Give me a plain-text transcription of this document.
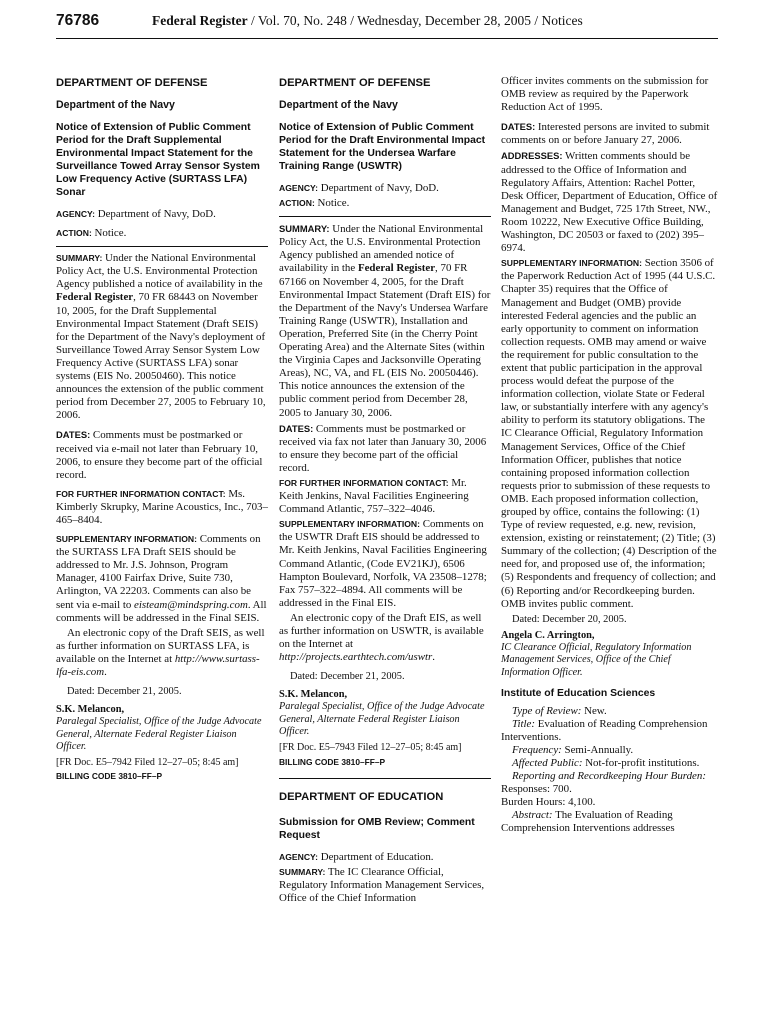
76786	Federal Register / Vol. 70, No. 248 / Wednesday, December 28, 2005 / Notices
DEPARTMENT OF DEFENSE
Department of the Navy
Notice of Extension of Public Comment Period for the Draft Supplemental Environmental Impact Statement for the Surveillance Towed Array Sensor System Low Frequency Active (SURTASS LFA) Sonar

AGENCY: Department of Navy, DoD.

ACTION: Notice.

SUMMARY: Under the National Environmental Policy Act, the U.S. Environmental Protection Agency published a notice of availability in the Federal Register, 70 FR 68443 on November 10, 2005, for the Draft Supplemental Environmental Impact Statement (Draft SEIS) for the Department of the Navy's deployment of Surveillance Towed Array Sensor System Low Frequency Active (SURTASS LFA) sonar systems (EIS No. 20050460). This notice announces the extension of the public comment period from December 27, 2005 to February 10, 2006.

DATES: Comments must be postmarked or received via e-mail not later than February 10, 2006, to ensure they become part of the official record.

FOR FURTHER INFORMATION CONTACT: Ms. Kimberly Skrupky, Marine Acoustics, Inc., 703–465–8404.

SUPPLEMENTARY INFORMATION: Comments on the SURTASS LFA Draft SEIS should be addressed to Mr. J.S. Johnson, Program Manager, 4100 Fairfax Drive, Suite 730, Arlington, VA 22203. Comments can also be sent via e-mail to eisteam@mindspring.com. All comments will be addressed in the Final SEIS.

An electronic copy of the Draft SEIS, as well as further information on SURTASS LFA, is available on the Internet at http://www.surtass-lfa-eis.com.

Dated: December 21, 2005.

S.K. Melancon,

Paralegal Specialist, Office of the Judge Advocate General, Alternate Federal Register Liaison Officer.

[FR Doc. E5–7942 Filed 12–27–05; 8:45 am]

BILLING CODE 3810–FF–P

DEPARTMENT OF DEFENSE
Department of the Navy
Notice of Extension of Public Comment Period for the Draft Environmental Impact Statement for the Undersea Warfare Training Range (USWTR)

AGENCY: Department of Navy, DoD.

ACTION: Notice.

SUMMARY: Under the National Environmental Policy Act, the U.S. Environmental Protection Agency published an amended notice of availability in the Federal Register, 70 FR 67166 on November 4, 2005, for the Draft Environmental Impact Statement (Draft EIS) for the Department of the Navy's Undersea Warfare Training Range (USWTR), Installation and Operation, Preferred Site (in the Cherry Point Operating Area) and the Alternate Sites (within the Virginia Capes and Jacksonville Operating Areas), NC, VA, and FL (EIS No. 20050446). This notice announces the extension of the public comment period from December 28, 2005 to January 30, 2006.

DATES: Comments must be postmarked or received via fax not later than January 30, 2006 to ensure they become part of the official record.

FOR FURTHER INFORMATION CONTACT: Mr. Keith Jenkins, Naval Facilities Engineering Command Atlantic, 757–322–4046.

SUPPLEMENTARY INFORMATION: Comments on the USWTR Draft EIS should be addressed to Mr. Keith Jenkins, Naval Facilities Engineering Command Atlantic, (Code EV21KJ), 6506 Hampton Boulevard, Norfolk, VA 23508–1278; Fax 757–322–4894. All comments will be addressed in the Final EIS.

An electronic copy of the Draft EIS, as well as further information on USWTR, is available on the Internet at http://projects.earthtech.com/uswtr.

Dated: December 21, 2005.

S.K. Melancon,

Paralegal Specialist, Office of the Judge Advocate General, Alternate Federal Register Liaison Officer.

[FR Doc. E5–7943 Filed 12–27–05; 8:45 am]

BILLING CODE 3810–FF–P

DEPARTMENT OF EDUCATION
Submission for OMB Review; Comment Request

AGENCY: Department of Education.

SUMMARY: The IC Clearance Official, Regulatory Information Management Services, Office of the Chief Information

Officer invites comments on the submission for OMB review as required by the Paperwork Reduction Act of 1995.

DATES: Interested persons are invited to submit comments on or before January 27, 2006.

ADDRESSES: Written comments should be addressed to the Office of Information and Regulatory Affairs, Attention: Rachel Potter, Desk Officer, Department of Education, Office of Management and Budget, 725 17th Street, NW., Room 10222, New Executive Office Building, Washington, DC 20503 or faxed to (202) 395–6974.

SUPPLEMENTARY INFORMATION: Section 3506 of the Paperwork Reduction Act of 1995 (44 U.S.C. Chapter 35) requires that the Office of Management and Budget (OMB) provide interested Federal agencies and the public an early opportunity to comment on information collection requests. OMB may amend or waive the requirement for public consultation to the extent that public participation in the approval process would defeat the purpose of the information collection, violate State or Federal law, or substantially interfere with any agency's ability to perform its statutory obligations. The IC Clearance Official, Regulatory Information Management Services, Office of the Chief Information Officer, publishes that notice containing proposed information collection requests prior to submission of these requests to OMB. Each proposed information collection, grouped by office, contains the following: (1) Type of review requested, e.g. new, revision, extension, existing or reinstatement; (2) Title; (3) Summary of the collection; (4) Description of the need for, and proposed use of, the information; (5) Respondents and frequency of collection; and (6) Reporting and/or Recordkeeping burden. OMB invites public comment.

Dated: December 20, 2005.

Angela C. Arrington,

IC Clearance Official, Regulatory Information Management Services, Office of the Chief Information Officer.

Institute of Education Sciences

Type of Review: New.

Title: Evaluation of Reading Comprehension Interventions.

Frequency: Semi-Annually.

Affected Public: Not-for-profit institutions.

Reporting and Recordkeeping Hour Burden:

Responses: 700.

Burden Hours: 4,100.

Abstract: The Evaluation of Reading Comprehension Interventions addresses
